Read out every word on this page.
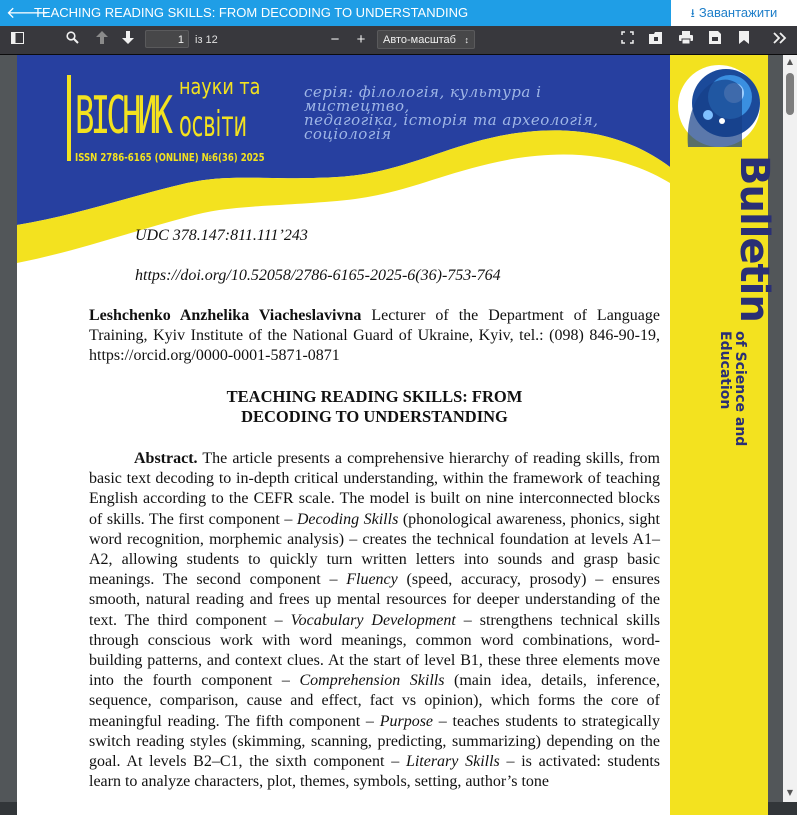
🡐
TEACHING READING SKILLS: FROM DECODING TO UNDERSTANDING	⭳ Завантажити
1	із 12	−	+	Авто-масштаб ↕
ВІСНИК науки та
освіти
ISSN 2786-6165 (ONLINE) №6(36) 2025
серія: філологія, культура і мистецтво,
педагогіка, історія та археологія, соціологія
Bulletin
of Science and
Education
UDC 378.147:811.111’243
https://doi.org/10.52058/2786-6165-2025-6(36)-753-764
Leshchenko Anzhelika Viacheslavivna Lecturer of the Department of Language Training, Kyiv Institute of the National Guard of Ukraine, Kyiv, tel.: (098) 846-90-19, https://orcid.org/0000-0001-5871-0871
TEACHING READING SKILLS: FROM
DECODING TO UNDERSTANDING
Abstract. The article presents a comprehensive hierarchy of reading skills, from basic text decoding to in-depth critical understanding, within the framework of teaching English according to the CEFR scale. The model is built on nine interconnected blocks of skills. The first component – Decoding Skills (phonological awareness, phonics, sight word recognition, morphemic analysis) – creates the technical foundation at levels A1–A2, allowing students to quickly turn written letters into sounds and grasp basic meanings. The second component – Fluency (speed, accuracy, prosody) – ensures smooth, natural reading and frees up mental resources for deeper understanding of the text. The third component – Vocabulary Development – strengthens technical skills through conscious work with word meanings, common word combinations, word-building patterns, and context clues. At the start of level B1, these three elements move into the fourth component – Comprehension Skills (main idea, details, inference, sequence, comparison, cause and effect, fact vs opinion), which forms the core of meaningful reading. The fifth component – Purpose – teaches students to strategically switch reading styles (skimming, scanning, predicting, summarizing) depending on the goal. At levels B2–C1, the sixth component – Literary Skills – is activated: students learn to analyze characters, plot, themes, symbols, setting, author’s tone
▲
▼
